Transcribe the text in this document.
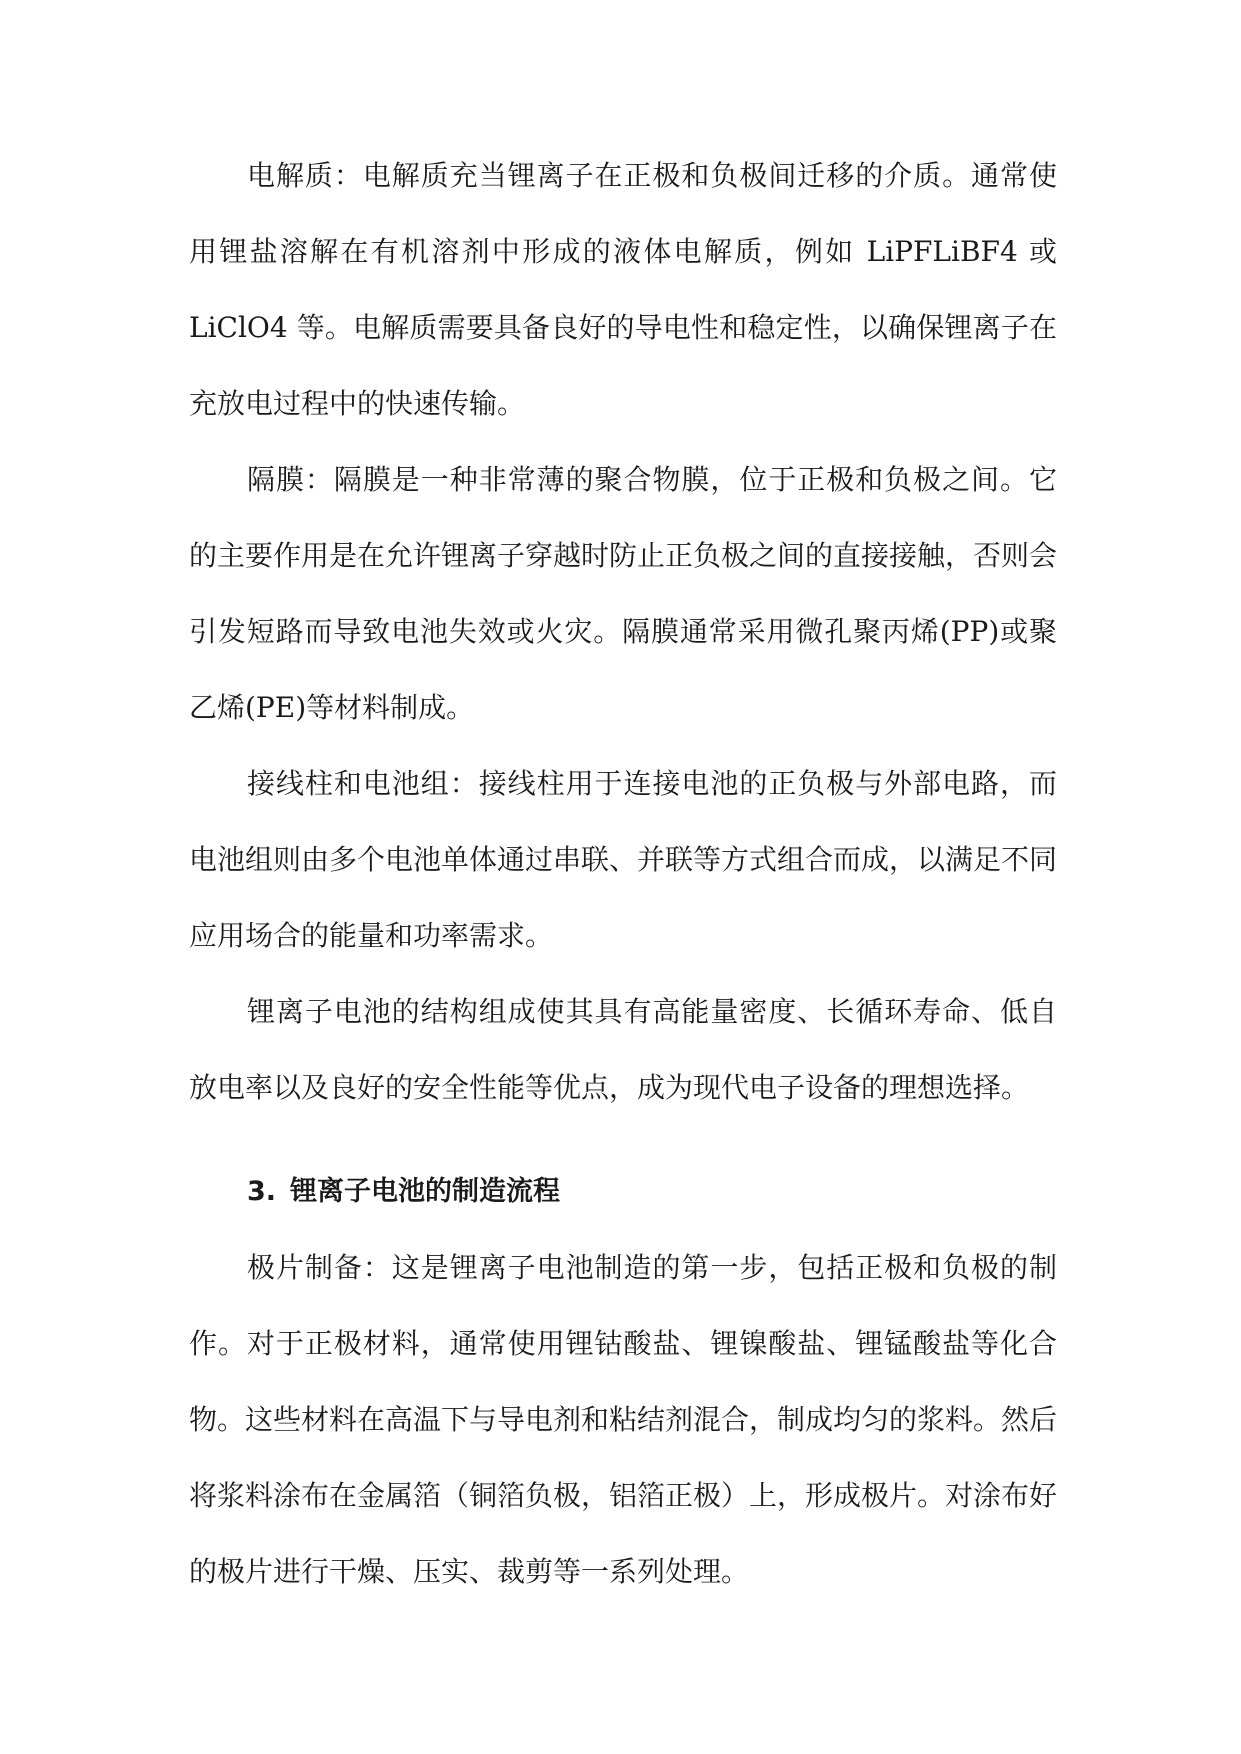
电解质：电解质充当锂离子在正极和负极间迁移的介质。通常使用锂盐溶解在有机溶剂中形成的液体电解质，例如 LiPFLiBF4 或 LiClO4 等。电解质需要具备良好的导电性和稳定性，以确保锂离子在充放电过程中的快速传输。

隔膜：隔膜是一种非常薄的聚合物膜，位于正极和负极之间。它的主要作用是在允许锂离子穿越时防止正负极之间的直接接触，否则会引发短路而导致电池失效或火灾。隔膜通常采用微孔聚丙烯(PP)或聚乙烯(PE)等材料制成。

接线柱和电池组：接线柱用于连接电池的正负极与外部电路，而电池组则由多个电池单体通过串联、并联等方式组合而成，以满足不同应用场合的能量和功率需求。

锂离子电池的结构组成使其具有高能量密度、长循环寿命、低自放电率以及良好的安全性能等优点，成为现代电子设备的理想选择。

3. 锂离子电池的制造流程

极片制备：这是锂离子电池制造的第一步，包括正极和负极的制作。对于正极材料，通常使用锂钴酸盐、锂镍酸盐、锂锰酸盐等化合物。这些材料在高温下与导电剂和粘结剂混合，制成均匀的浆料。然后将浆料涂布在金属箔（铜箔负极，铝箔正极）上，形成极片。对涂布好的极片进行干燥、压实、裁剪等一系列处理。
